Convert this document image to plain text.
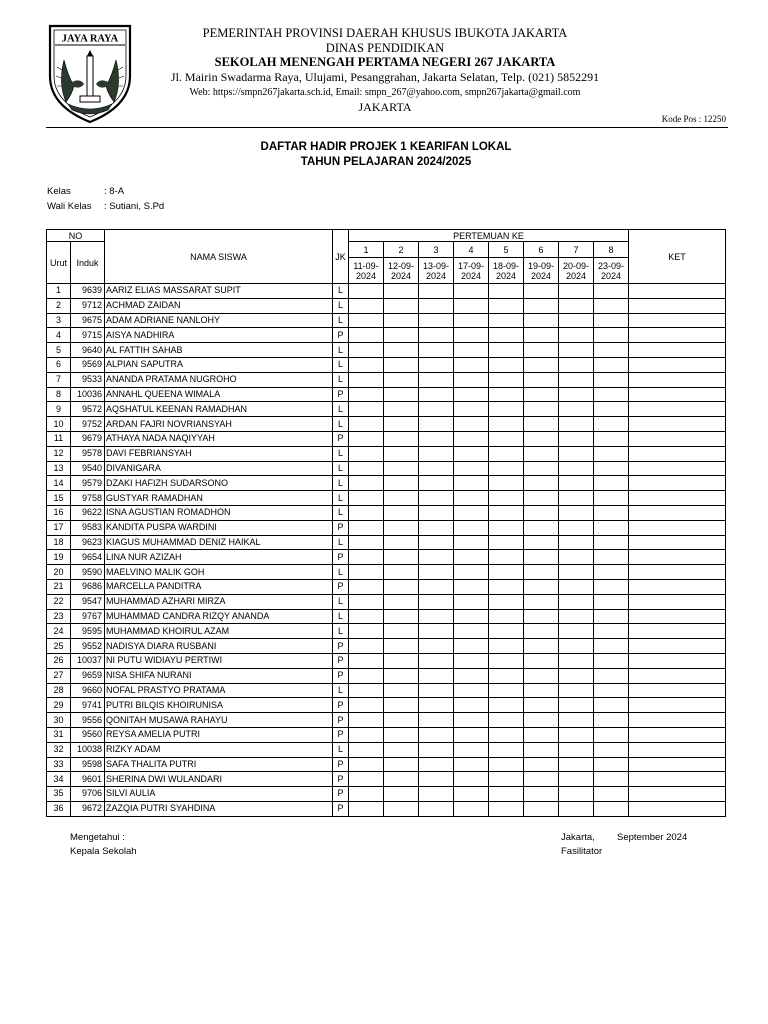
JAYA RAYA	PEMERINTAH PROVINSI DAERAH KHUSUS IBUKOTA JAKARTA
DINAS PENDIDIKAN
SEKOLAH MENENGAH PERTAMA NEGERI 267 JAKARTA
Jl. Mairin Swadarma Raya, Ulujami, Pesanggrahan, Jakarta Selatan, Telp. (021) 5852291
Web: https://smpn267jakarta.sch.id, Email: smpn_267@yahoo.com, smpn267jakarta@gmail.com
JAKARTA
Kode Pos : 12250
DAFTAR HADIR PROJEK 1 KEARIFAN LOKAL
TAHUN PELAJARAN 2024/2025
Kelas	: 8-A
Wali Kelas : Sutiani, S.Pd
NO		NAMA SISWA	JK	PERTEMUAN KE								KET
Urut	Induk			1	2	3	4	5	6	7	8	
				11-09-2024	12-09-2024	13-09-2024	17-09-2024	18-09-2024	19-09-2024	20-09-2024	23-09-2024	
1	9639	AARIZ ELIAS MASSARAT SUPIT	L									
2	9712	ACHMAD ZAIDAN	L									
3	9675	ADAM ADRIANE NANLOHY	L									
4	9715	AISYA NADHIRA	P									
5	9640	AL FATTIH SAHAB	L									
6	9569	ALPIAN SAPUTRA	L									
7	9533	ANANDA PRATAMA NUGROHO	L									
8	10036	ANNAHL QUEENA WIMALA	P									
9	9572	AQSHATUL KEENAN RAMADHAN	L									
10	9752	ARDAN FAJRI NOVRIANSYAH	L									
11	9679	ATHAYA NADA NAQIYYAH	P									
12	9578	DAVI FEBRIANSYAH	L									
13	9540	DIVANIGARA	L									
14	9579	DZAKI HAFIZH SUDARSONO	L									
15	9758	GUSTYAR RAMADHAN	L									
16	9622	ISNA AGUSTIAN ROMADHON	L									
17	9583	KANDITA PUSPA WARDINI	P									
18	9623	KIAGUS MUHAMMAD DENIZ HAIKAL	L									
19	9654	LINA NUR AZIZAH	P									
20	9590	MAELVINO MALIK GOH	L									
21	9686	MARCELLA PANDITRA	P									
22	9547	MUHAMMAD AZHARI MIRZA	L									
23	9767	MUHAMMAD CANDRA RIZQY ANANDA	L									
24	9595	MUHAMMAD KHOIRUL AZAM	L									
25	9552	NADISYA DIARA RUSBANI	P									
26	10037	NI PUTU WIDIAYU PERTIWI	P									
27	9659	NISA SHIFA NURANI	P									
28	9660	NOFAL PRASTYO PRATAMA	L									
29	9741	PUTRI BILQIS KHOIRUNISA	P									
30	9556	QONITAH MUSAWA RAHAYU	P									
31	9560	REYSA AMELIA PUTRI	P									
32	10038	RIZKY ADAM	L									
33	9598	SAFA THALITA PUTRI	P									
34	9601	SHERINA DWI WULANDARI	P									
35	9706	SILVI AULIA	P									
36	9672	ZAZQIA PUTRI SYAHDINA	P									
Mengetahui :
Kepala Sekolah
Jakarta, September 2024
Fasilitator
